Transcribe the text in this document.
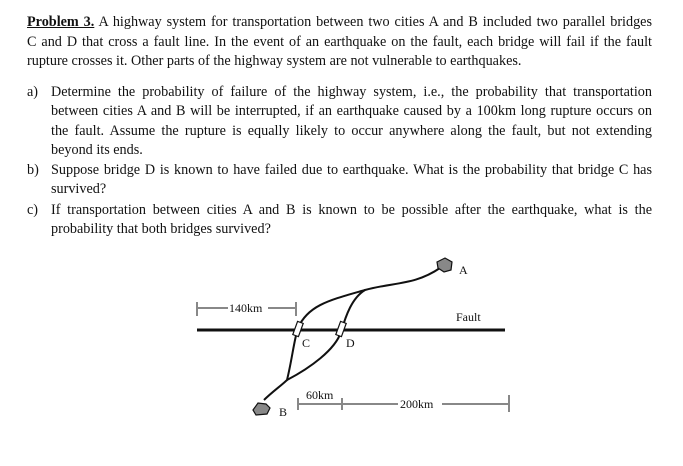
Problem 3. A highway system for transportation between two cities A and B included two parallel bridges
C and D that cross a fault line. In the event of an earthquake on the fault, each bridge will fail if the fault
rupture crosses it. Other parts of the highway system are not vulnerable to earthquakes.
a) Determine the probability of failure of the highway system, i.e., the probability that transportation
between cities A and B will be interrupted, if an earthquake caused by a 100km long rupture occurs on
the fault. Assume the rupture is equally likely to occur anywhere along the fault, but not extending
beyond its ends.
b) Suppose bridge D is known to have failed due to earthquake. What is the probability that bridge C has
survived?
c) If transportation between cities A and B is known to be possible after the earthquake, what is the
probability that both bridges survived?
140km
60km
200km
Fault
A
B
C	D
